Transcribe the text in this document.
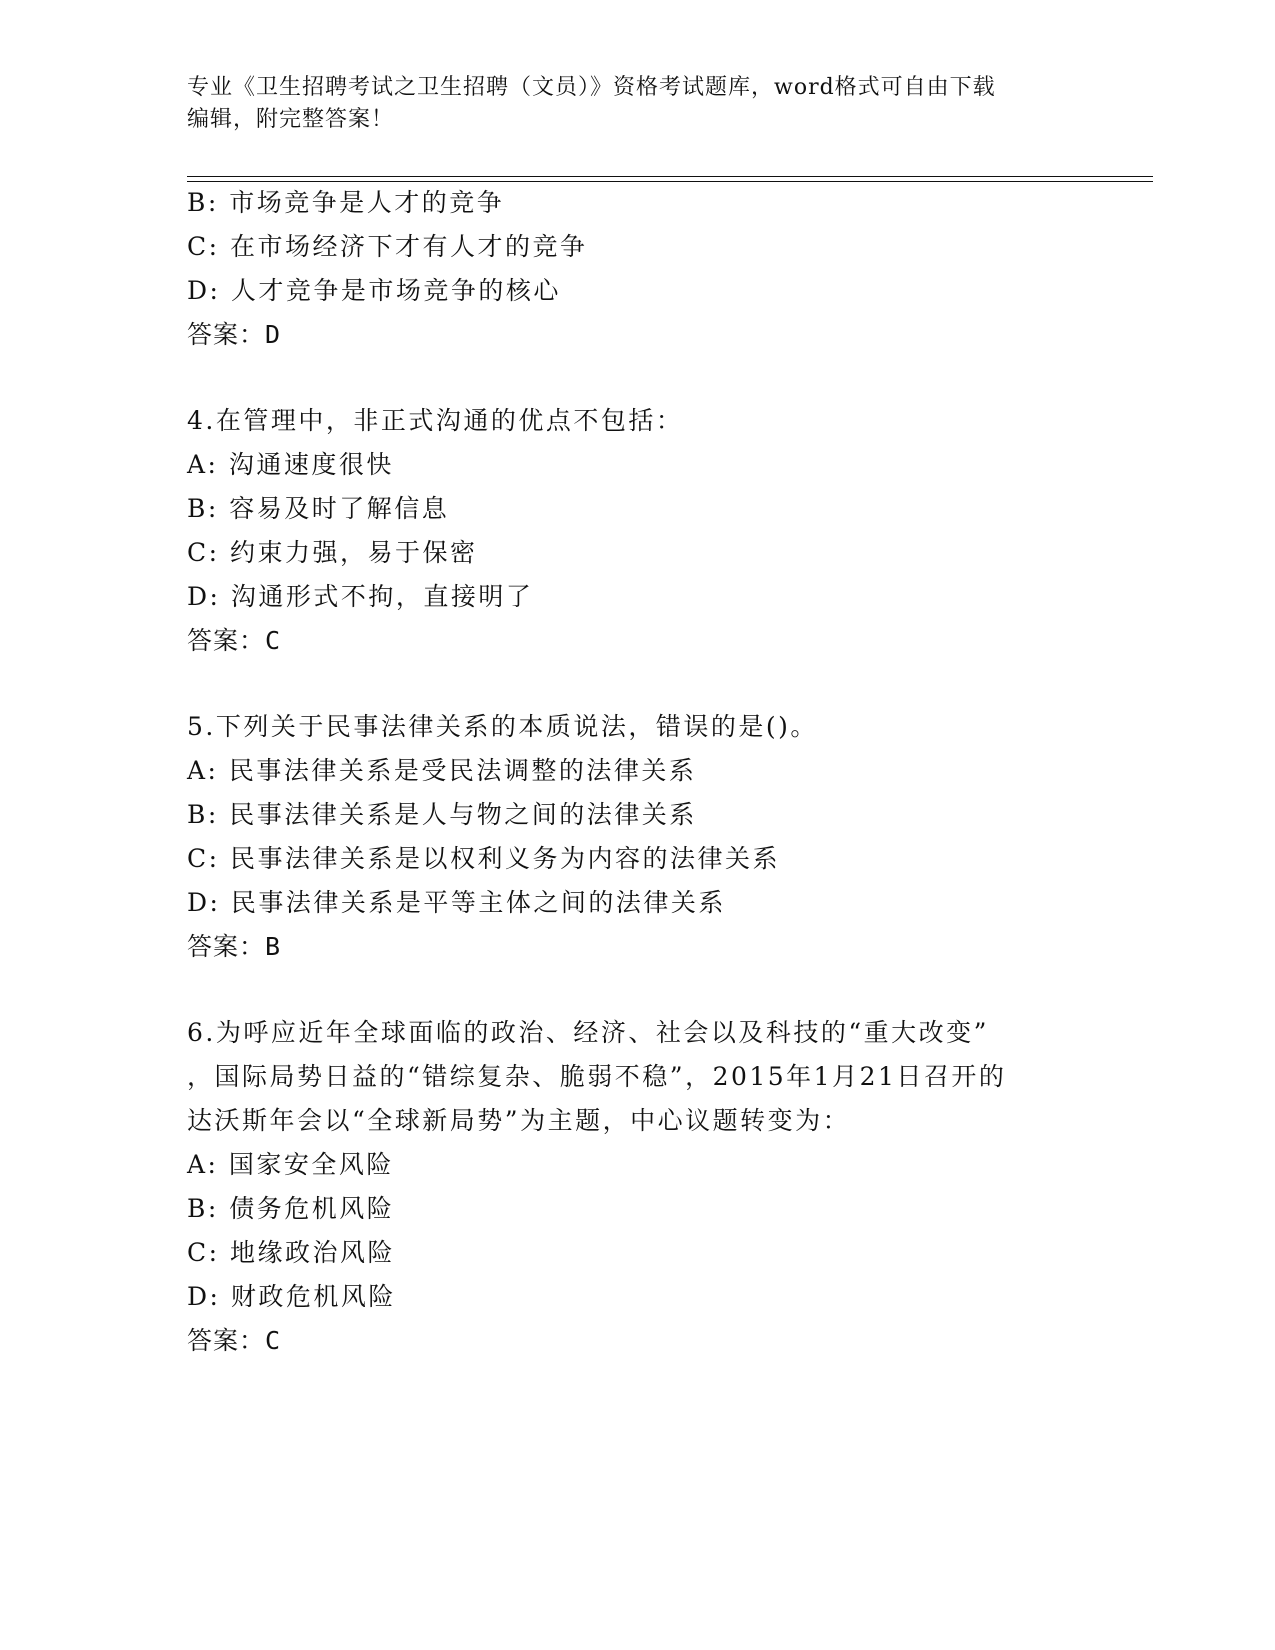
专业《卫生招聘考试之卫生招聘（文员）》资格考试题库，word格式可自由下载
编辑，附完整答案！
B: 市场竞争是人才的竞争
C: 在市场经济下才有人才的竞争
D: 人才竞争是市场竞争的核心
答案：D
4.在管理中，非正式沟通的优点不包括：
A: 沟通速度很快
B: 容易及时了解信息
C: 约束力强，易于保密
D: 沟通形式不拘，直接明了
答案：C
5.下列关于民事法律关系的本质说法，错误的是()。
A: 民事法律关系是受民法调整的法律关系
B: 民事法律关系是人与物之间的法律关系
C: 民事法律关系是以权利义务为内容的法律关系
D: 民事法律关系是平等主体之间的法律关系
答案：B
6.为呼应近年全球面临的政治、经济、社会以及科技的“重大改变”
，国际局势日益的“错综复杂、脆弱不稳”，2015年1月21日召开的
达沃斯年会以“全球新局势”为主题，中心议题转变为：
A: 国家安全风险
B: 债务危机风险
C: 地缘政治风险
D: 财政危机风险
答案：C
